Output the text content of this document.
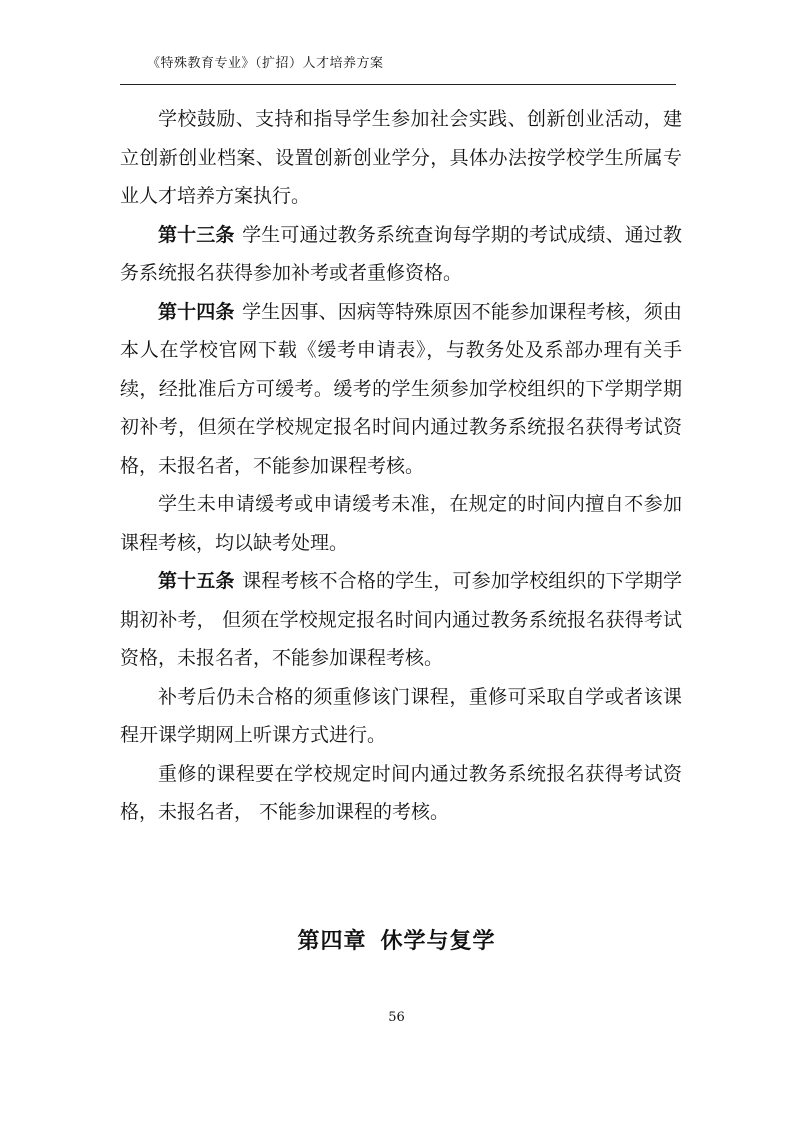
《特殊教育专业》（扩招）人才培养方案

学校鼓励、支持和指导学生参加社会实践、创新创业活动，建立创新创业档案、设置创新创业学分，具体办法按学校学生所属专业人才培养方案执行。

第十三条 学生可通过教务系统查询每学期的考试成绩、通过教务系统报名获得参加补考或者重修资格。

第十四条 学生因事、因病等特殊原因不能参加课程考核，须由本人在学校官网下载《缓考申请表》，与教务处及系部办理有关手续，经批准后方可缓考。缓考的学生须参加学校组织的下学期学期初补考，但须在学校规定报名时间内通过教务系统报名获得考试资格，未报名者，不能参加课程考核。

学生未申请缓考或申请缓考未准，在规定的时间内擅自不参加课程考核，均以缺考处理。

第十五条 课程考核不合格的学生，可参加学校组织的下学期学期初补考， 但须在学校规定报名时间内通过教务系统报名获得考试资格，未报名者，不能参加课程考核。

补考后仍未合格的须重修该门课程，重修可采取自学或者该课程开课学期网上听课方式进行。

重修的课程要在学校规定时间内通过教务系统报名获得考试资格，未报名者， 不能参加课程的考核。

第四章 休学与复学
56
